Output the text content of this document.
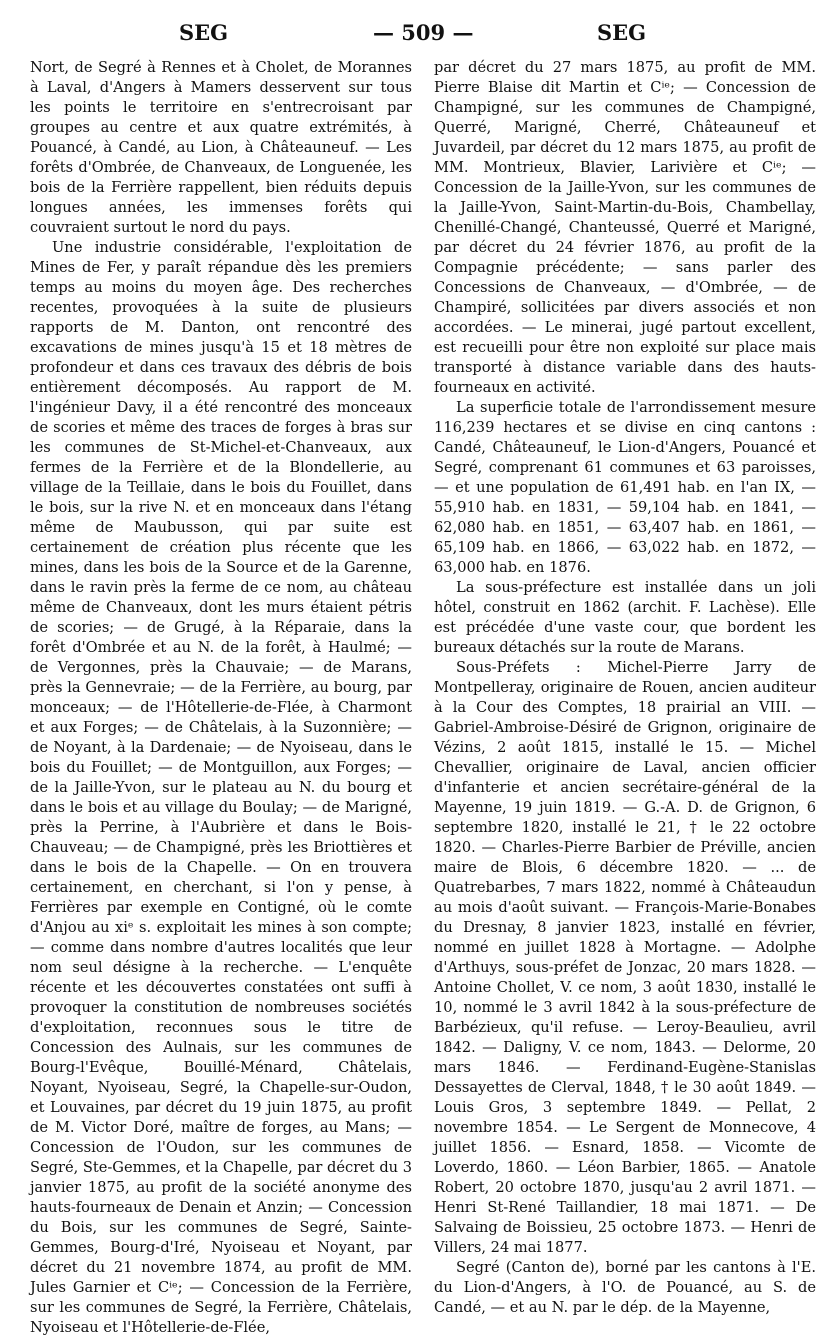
SEG	— 509 —	SEG

Nort, de Segré à Rennes et à Cholet, de Morannes à Laval, d'Angers à Mamers desservent sur tous les points le territoire en s'entrecroisant par groupes au centre et aux quatre extrémités, à Pouancé, à Candé, au Lion, à Châteauneuf. — Les forêts d'Ombrée, de Chanveaux, de Longuenée, les bois de la Ferrière rappellent, bien réduits depuis longues années, les immenses forêts qui couvraient surtout le nord du pays.

Une industrie considérable, l'exploitation de Mines de Fer, y paraît répandue dès les premiers temps au moins du moyen âge. Des recherches recentes, provoquées à la suite de plusieurs rapports de M. Danton, ont rencontré des excavations de mines jusqu'à 15 et 18 mètres de profondeur et dans ces travaux des débris de bois entièrement décomposés. Au rapport de M. l'ingénieur Davy, il a été rencontré des monceaux de scories et même des traces de forges à bras sur les communes de St-Michel-et-Chanveaux, aux fermes de la Ferrière et de la Blondellerie, au village de la Teillaie, dans le bois du Fouillet, dans le bois, sur la rive N. et en monceaux dans l'étang même de Maubusson, qui par suite est certainement de création plus récente que les mines, dans les bois de la Source et de la Garenne, dans le ravin près la ferme de ce nom, au château même de Chanveaux, dont les murs étaient pétris de scories; — de Grugé, à la Réparaie, dans la forêt d'Ombrée et au N. de la forêt, à Haulmé; — de Vergonnes, près la Chauvaie; — de Marans, près la Gennevraie; — de la Ferrière, au bourg, par monceaux; — de l'Hôtellerie-de-Flée, à Charmont et aux Forges; — de Châtelais, à la Suzonnière; — de Noyant, à la Dardenaie; — de Nyoiseau, dans le bois du Fouillet; — de Montguillon, aux Forges; — de la Jaille-Yvon, sur le plateau au N. du bourg et dans le bois et au village du Boulay; — de Marigné, près la Perrine, à l'Aubrière et dans le Bois-Chauveau; — de Champigné, près les Briottières et dans le bois de la Chapelle. — On en trouvera certainement, en cherchant, si l'on y pense, à Ferrières par exemple en Contigné, où le comte d'Anjou au xiᵉ s. exploitait les mines à son compte; — comme dans nombre d'autres localités que leur nom seul désigne à la recherche. — L'enquête récente et les découvertes constatées ont suffi à provoquer la constitution de nombreuses sociétés d'exploitation, reconnues sous le titre de Concession des Aulnais, sur les communes de Bourg-l'Evêque, Bouillé-Ménard, Châtelais, Noyant, Nyoiseau, Segré, la Chapelle-sur-Oudon, et Louvaines, par décret du 19 juin 1875, au profit de M. Victor Doré, maître de forges, au Mans; — Concession de l'Oudon, sur les communes de Segré, Ste-Gemmes, et la Chapelle, par décret du 3 janvier 1875, au profit de la société anonyme des hauts-fourneaux de Denain et Anzin; — Concession du Bois, sur les communes de Segré, Sainte-Gemmes, Bourg-d'Iré, Nyoiseau et Noyant, par décret du 21 novembre 1874, au profit de MM. Jules Garnier et Cⁱᵉ; — Concession de la Ferrière, sur les communes de Segré, la Ferrière, Châtelais, Nyoiseau et l'Hôtellerie-de-Flée,

par décret du 27 mars 1875, au profit de MM. Pierre Blaise dit Martin et Cⁱᵉ; — Concession de Champigné, sur les communes de Champigné, Querré, Marigné, Cherré, Châteauneuf et Juvardeil, par décret du 12 mars 1875, au profit de MM. Montrieux, Blavier, Larivière et Cⁱᵉ; — Concession de la Jaille-Yvon, sur les communes de la Jaille-Yvon, Saint-Martin-du-Bois, Chambellay, Chenillé-Changé, Chanteussé, Querré et Marigné, par décret du 24 février 1876, au profit de la Compagnie précédente; — sans parler des Concessions de Chanveaux, — d'Ombrée, — de Champiré, sollicitées par divers associés et non accordées. — Le minerai, jugé partout excellent, est recueilli pour être non exploité sur place mais transporté à distance variable dans des hauts-fourneaux en activité.

La superficie totale de l'arrondissement mesure 116,239 hectares et se divise en cinq cantons : Candé, Châteauneuf, le Lion-d'Angers, Pouancé et Segré, comprenant 61 communes et 63 paroisses, — et une population de 61,491 hab. en l'an IX, — 55,910 hab. en 1831, — 59,104 hab. en 1841, — 62,080 hab. en 1851, — 63,407 hab. en 1861, — 65,109 hab. en 1866, — 63,022 hab. en 1872, — 63,000 hab. en 1876.

La sous-préfecture est installée dans un joli hôtel, construit en 1862 (archit. F. Lachèse). Elle est précédée d'une vaste cour, que bordent les bureaux détachés sur la route de Marans.

Sous-Préfets : Michel-Pierre Jarry de Montpelleray, originaire de Rouen, ancien auditeur à la Cour des Comptes, 18 prairial an VIII. — Gabriel-Ambroise-Désiré de Grignon, originaire de Vézins, 2 août 1815, installé le 15. — Michel Chevallier, originaire de Laval, ancien officier d'infanterie et ancien secrétaire-général de la Mayenne, 19 juin 1819. — G.-A. D. de Grignon, 6 septembre 1820, installé le 21, † le 22 octobre 1820. — Charles-Pierre Barbier de Préville, ancien maire de Blois, 6 décembre 1820. — ... de Quatrebarbes, 7 mars 1822, nommé à Châteaudun au mois d'août suivant. — François-Marie-Bonabes du Dresnay, 8 janvier 1823, installé en février, nommé en juillet 1828 à Mortagne. — Adolphe d'Arthuys, sous-préfet de Jonzac, 20 mars 1828. — Antoine Chollet, V. ce nom, 3 août 1830, installé le 10, nommé le 3 avril 1842 à la sous-préfecture de Barbézieux, qu'il refuse. — Leroy-Beaulieu, avril 1842. — Daligny, V. ce nom, 1843. — Delorme, 20 mars 1846. — Ferdinand-Eugène-Stanislas Dessayettes de Clerval, 1848, † le 30 août 1849. — Louis Gros, 3 septembre 1849. — Pellat, 2 novembre 1854. — Le Sergent de Monnecove, 4 juillet 1856. — Esnard, 1858. — Vicomte de Loverdo, 1860. — Léon Barbier, 1865. — Anatole Robert, 20 octobre 1870, jusqu'au 2 avril 1871. — Henri St-René Taillandier, 18 mai 1871. — De Salvaing de Boissieu, 25 octobre 1873. — Henri de Villers, 24 mai 1877.

Segré (Canton de), borné par les cantons à l'E. du Lion-d'Angers, à l'O. de Pouancé, au S. de Candé, — et au N. par le dép. de la Mayenne,
